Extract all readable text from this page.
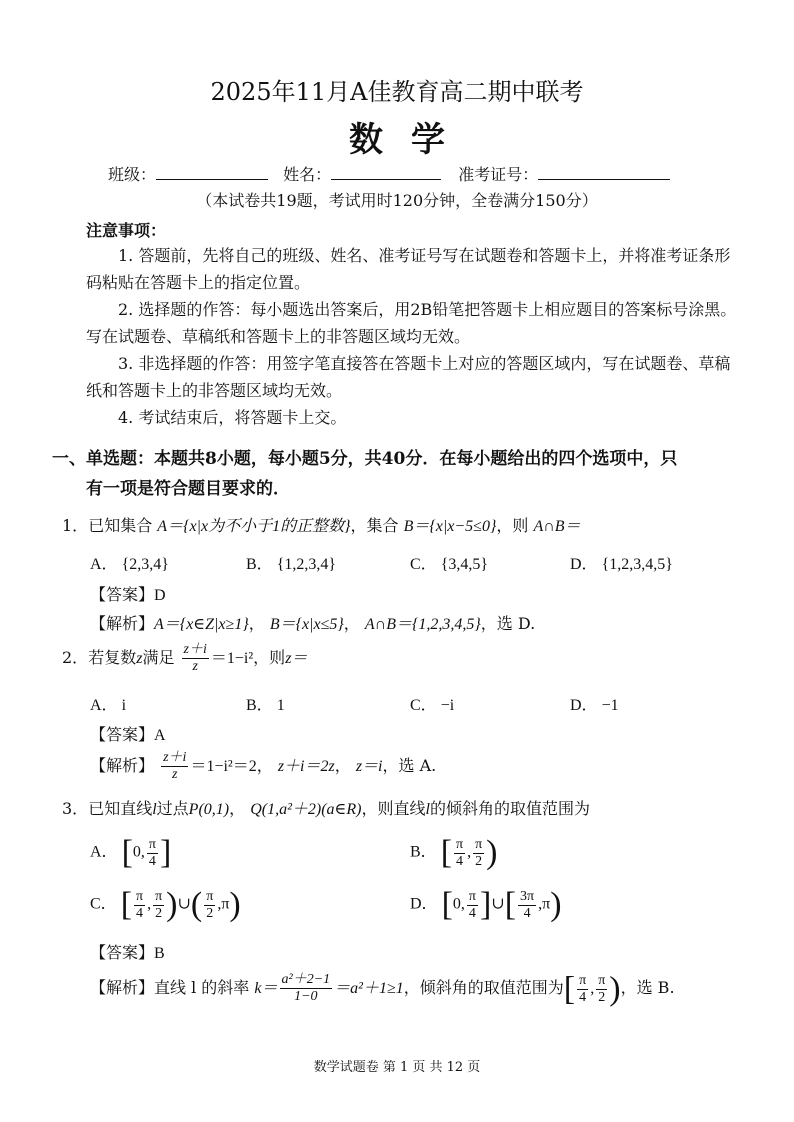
2025年11月A佳教育高二期中联考
数学
班级：	姓名：	准考证号：
（本试卷共19题，考试用时120分钟，全卷满分150分）
注意事项：
1. 答题前，先将自己的班级、姓名、准考证号写在试题卷和答题卡上，并将准考证条形码粘贴在答题卡上的指定位置。
2. 选择题的作答：每小题选出答案后，用2B铅笔把答题卡上相应题目的答案标号涂黑。写在试题卷、草稿纸和答题卡上的非答题区域均无效。
3. 非选择题的作答：用签字笔直接答在答题卡上对应的答题区域内，写在试题卷、草稿纸和答题卡上的非答题区域均无效。
4. 考试结束后，将答题卡上交。
一、单选题：本题共8小题，每小题5分，共40分．在每小题给出的四个选项中，只
有一项是符合题目要求的．
1．已知集合 A＝{x|x为不小于1的正整数}，集合 B＝{x|x−5≤0}，则 A∩B＝
A． {2,3,4}	B． {1,2,3,4}	C． {3,4,5}	D． {1,2,3,4,5}
【答案】D
【解析】A＝{x∈Z|x≥1}， B＝{x|x≤5}， A∩B＝{1,2,3,4,5}，选 D.
2．若复数z满足 $\frac{z+i}{z} =1-i^2$，则z＝
A． i	B． 1	C． −i	D． −1
【答案】A
【解析】 $\frac{z+i}{z} =1-i^2=2$， z＋i＝2z， z＝i，选 A.
3．已知直线l过点P(0,1)， Q(1,a²＋2)(a∈R)，则直线l的倾斜角的取值范围为
A． [0, $\frac{\pi}{4}$ ]	B． [ $\frac{\pi}{4}$ , $\frac{\pi}{2}$ )
C． [ $\frac{\pi}{4}$ , $\frac{\pi}{2}$ )∪( $\frac{\pi}{2} ,\pi$)	D． [0, $\frac{\pi}{4}$ ]∪[ $\frac{3\pi}{4} ,\pi$)
【答案】B
【解析】直线 l 的斜率 $k= \frac{\text{a²＋2−1}}{1-0} =a^2+1\ge 1$，倾斜角的取值范围为[ $\frac{\pi}{4}$ , $\frac{\pi}{2}$ )，选 B.
数学试题卷 第 1 页 共 12 页
